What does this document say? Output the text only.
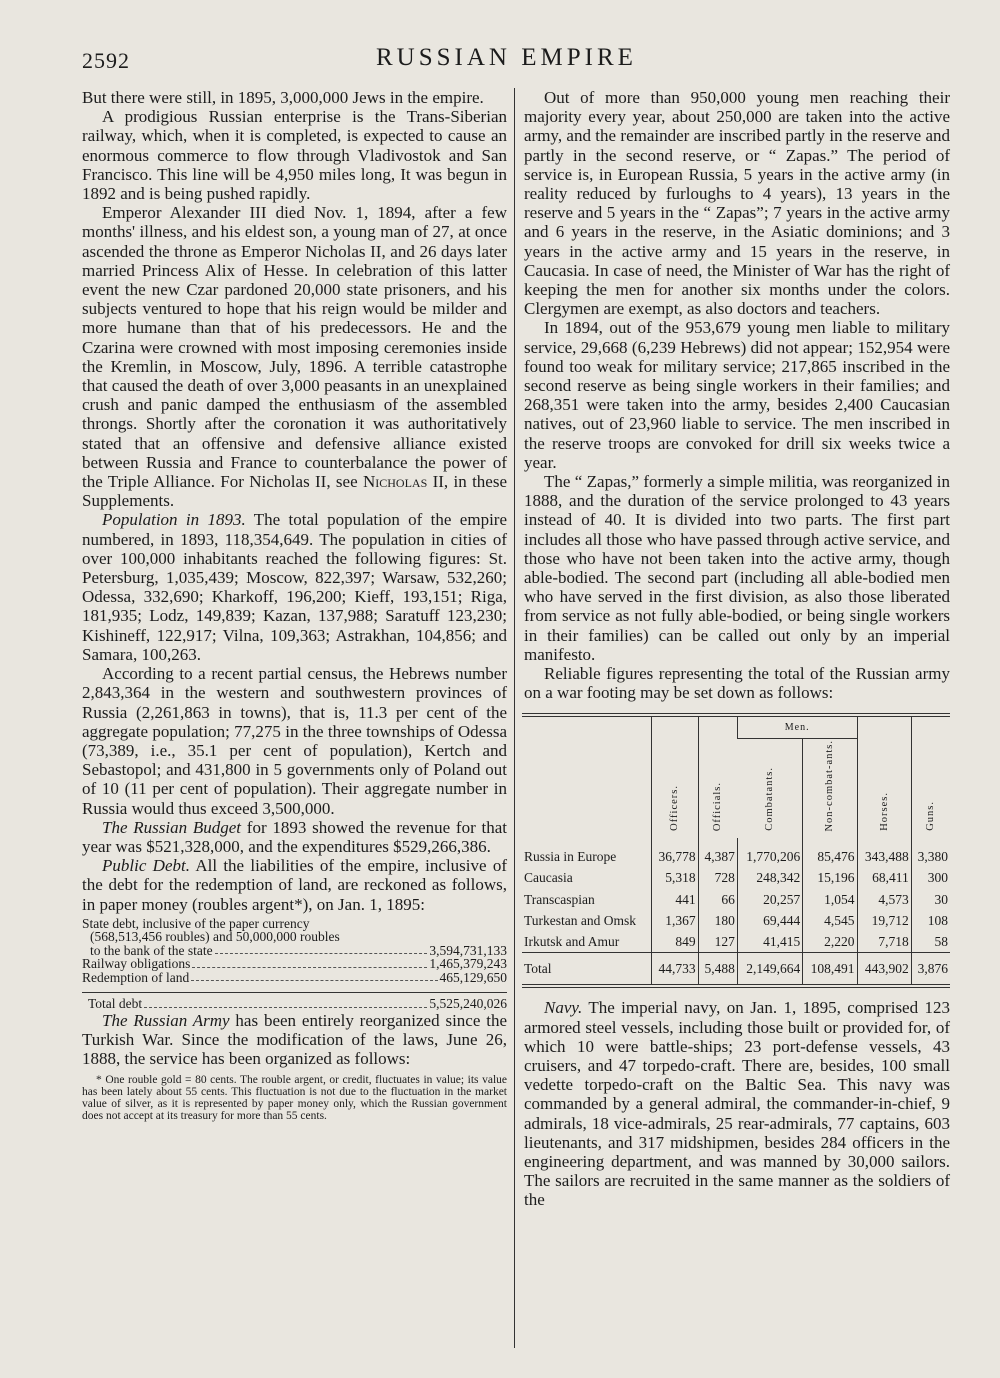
2592	RUSSIAN EMPIRE

But there were still, in 1895, 3,000,000 Jews in the empire.

A prodigious Russian enterprise is the Trans-Siberian railway, which, when it is completed, is expected to cause an enormous commerce to flow through Vladivostok and San Francisco. This line will be 4,950 miles long, It was begun in 1892 and is being pushed rapidly.

Emperor Alexander III died Nov. 1, 1894, after a few months' illness, and his eldest son, a young man of 27, at once ascended the throne as Emperor Nicholas II, and 26 days later married Princess Alix of Hesse. In celebration of this latter event the new Czar pardoned 20,000 state prisoners, and his subjects ventured to hope that his reign would be milder and more humane than that of his predecessors. He and the Czarina were crowned with most imposing ceremonies inside the Kremlin, in Moscow, July, 1896. A terrible catastrophe that caused the death of over 3,000 peasants in an unexplained crush and panic damped the enthusiasm of the assembled throngs. Shortly after the coronation it was authoritatively stated that an offensive and defensive alliance existed between Russia and France to counterbalance the power of the Triple Alliance. For Nicholas II, see Nicholas II, in these Supplements.

Population in 1893. The total population of the empire numbered, in 1893, 118,354,649. The population in cities of over 100,000 inhabitants reached the following figures: St. Petersburg, 1,035,439; Moscow, 822,397; Warsaw, 532,260; Odessa, 332,690; Kharkoff, 196,200; Kieff, 193,151; Riga, 181,935; Lodz, 149,839; Kazan, 137,988; Saratuff 123,230; Kishineff, 122,917; Vilna, 109,363; Astrakhan, 104,856; and Samara, 100,263.

According to a recent partial census, the Hebrews number 2,843,364 in the western and southwestern provinces of Russia (2,261,863 in towns), that is, 11.3 per cent of the aggregate population; 77,275 in the three townships of Odessa (73,389, i.e., 35.1 per cent of population), Kertch and Sebastopol; and 431,800 in 5 governments only of Poland out of 10 (11 per cent of population). Their aggregate number in Russia would thus exceed 3,500,000.

The Russian Budget for 1893 showed the revenue for that year was $521,328,000, and the expenditures $529,266,386.

Public Debt. All the liabilities of the empire, inclusive of the debt for the redemption of land, are reckoned as follows, in paper money (roubles argent*), on Jan. 1, 1895:

State debt, inclusive of the paper currency
(568,513,456 roubles) and 50,000,000 roubles
to the bank of the state	3,594,731,133
Railway obligations	1,465,379,243
Redemption of land	465,129,650
Total debt	5,525,240,026

The Russian Army has been entirely reorganized since the Turkish War. Since the modification of the laws, June 26, 1888, the service has been organized as follows:

* One rouble gold = 80 cents. The rouble argent, or credit, fluctuates in value; its value has been lately about 55 cents. This fluctuation is not due to the fluctuation in the market value of silver, as it is represented by paper money only, which the Russian government does not accept at its treasury for more than 55 cents.

Out of more than 950,000 young men reaching their majority every year, about 250,000 are taken into the active army, and the remainder are inscribed partly in the reserve and partly in the second reserve, or “ Zapas.” The period of service is, in European Russia, 5 years in the active army (in reality reduced by furloughs to 4 years), 13 years in the reserve and 5 years in the “ Zapas”; 7 years in the active army and 6 years in the reserve, in the Asiatic dominions; and 3 years in the active army and 15 years in the reserve, in Caucasia. In case of need, the Minister of War has the right of keeping the men for another six months under the colors. Clergymen are exempt, as also doctors and teachers.

In 1894, out of the 953,679 young men liable to military service, 29,668 (6,239 Hebrews) did not appear; 152,954 were found too weak for military service; 217,865 inscribed in the second reserve as being single workers in their families; and 268,351 were taken into the army, besides 2,400 Caucasian natives, out of 23,960 liable to service. The men inscribed in the reserve troops are convoked for drill six weeks twice a year.

The “ Zapas,” formerly a simple militia, was reorganized in 1888, and the duration of the service prolonged to 43 years instead of 40. It is divided into two parts. The first part includes all those who have passed through active service, and those who have not been taken into the active army, though able-bodied. The second part (including all able-bodied men who have served in the first division, as also those liberated from service as not fully able-bodied, or being single workers in their families) can be called out only by an imperial manifesto.

Reliable figures representing the total of the Russian army on a war footing may be set down as follows:

	Officers.	Officials.	Men.		Horses.	Guns.

			Combatants.	Non-combat-ants.		

Russia in Europe	36,778	4,387	1,770,206	85,476	343,488	3,380
Caucasia	5,318	728	248,342	15,196	68,411	300
Transcaspian	441	66	20,257	1,054	4,573	30
Turkestan and Omsk	1,367	180	69,444	4,545	19,712	108
Irkutsk and Amur	849	127	41,415	2,220	7,718	58
Total	44,733	5,488	2,149,664	108,491	443,902	3,876

Navy. The imperial navy, on Jan. 1, 1895, comprised 123 armored steel vessels, including those built or provided for, of which 10 were battle-ships; 23 port-defense vessels, 43 cruisers, and 47 torpedo-craft. There are, besides, 100 small vedette torpedo-craft on the Baltic Sea. This navy was commanded by a general admiral, the commander-in-chief, 9 admirals, 18 vice-admirals, 25 rear-admirals, 77 captains, 603 lieutenants, and 317 midshipmen, besides 284 officers in the engineering department, and was manned by 30,000 sailors. The sailors are recruited in the same manner as the soldiers of the
